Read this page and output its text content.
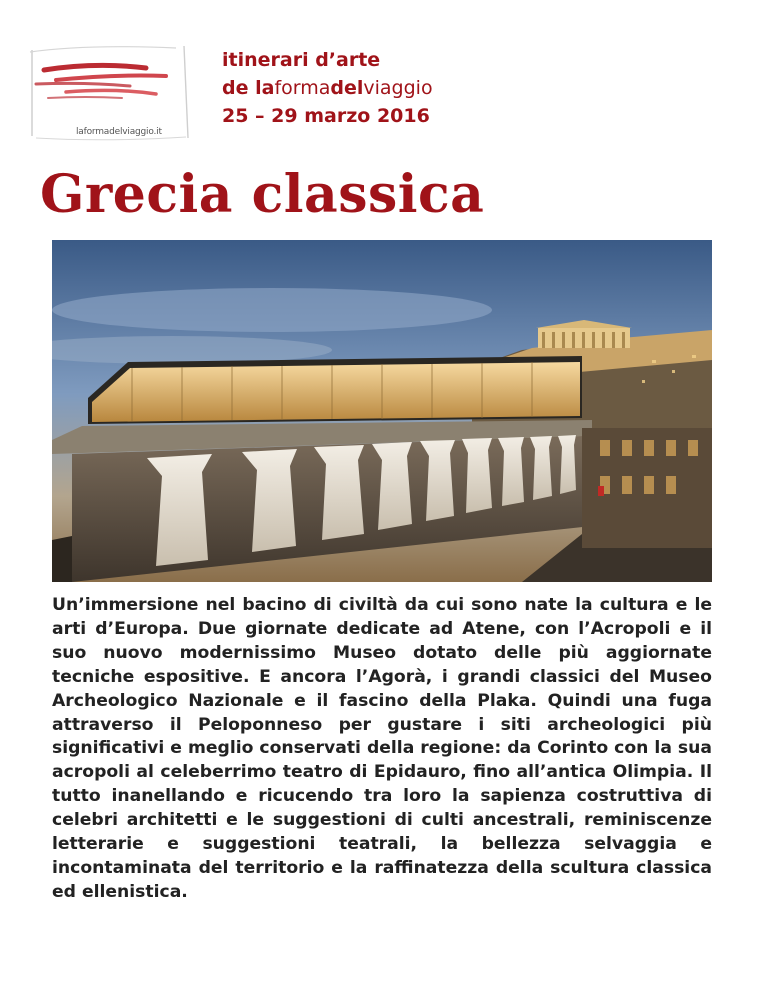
laformadelviaggio.it
itinerari d’arte
de laformadelviaggio
25 – 29 marzo 2016
Grecia classica

Un’immersione nel bacino di civiltà da cui sono nate la cultura e le arti d’Europa. Due giornate dedicate ad Atene, con l’Acropoli e il suo nuovo modernissimo Museo dotato delle più aggiornate tecniche espositive. E ancora l’Agorà, i grandi classici del Museo Archeologico Nazionale e il fascino della Plaka. Quindi una fuga attraverso il Peloponneso per gustare i siti archeologici più significativi e meglio conservati della regione: da Corinto con la sua acropoli al celeberrimo teatro di Epidauro, fino all’antica Olimpia. Il tutto inanellando e ricucendo tra loro la sapienza costruttiva di celebri architetti e le suggestioni di culti ancestrali, reminiscenze letterarie e suggestioni teatrali, la bellezza selvaggia e incontaminata del territorio e la raffinatezza della scultura classica ed ellenistica.
